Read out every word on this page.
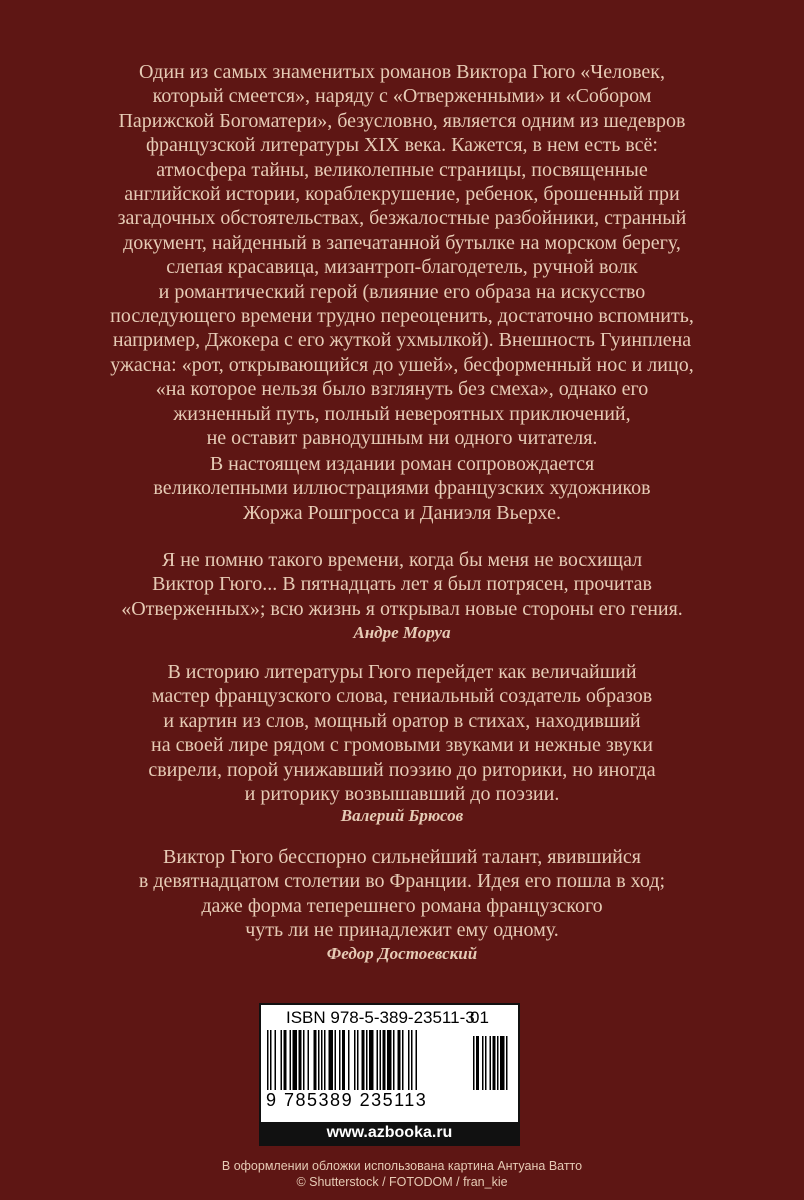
Один из самых знаменитых романов Виктора Гюго «Человек,
который смеется», наряду с «Отверженными» и «Собором
Парижской Богоматери», безусловно, является одним из шедевров
французской литературы XIX века. Кажется, в нем есть всё:
атмосфера тайны, великолепные страницы, посвященные
английской истории, кораблекрушение, ребенок, брошенный при
загадочных обстоятельствах, безжалостные разбойники, странный
документ, найденный в запечатанной бутылке на морском берегу,
слепая красавица, мизантроп-благодетель, ручной волк
и романтический герой (влияние его образа на искусство
последующего времени трудно переоценить, достаточно вспомнить,
например, Джокера с его жуткой ухмылкой). Внешность Гуинплена
ужасна: «рот, открывающийся до ушей», бесформенный нос и лицо,
«на которое нельзя было взглянуть без смеха», однако его
жизненный путь, полный невероятных приключений,
не оставит равнодушным ни одного читателя.
В настоящем издании роман сопровождается
великолепными иллюстрациями французских художников
Жоржа Рошгросса и Даниэля Вьерхе.
Я не помню такого времени, когда бы меня не восхищал
Виктор Гюго... В пятнадцать лет я был потрясен, прочитав
«Отверженных»; всю жизнь я открывал новые стороны его гения.
Андре Моруа
В историю литературы Гюго перейдет как величайший
мастер французского слова, гениальный создатель образов
и картин из слов, мощный оратор в стихах, находивший
на своей лире рядом с громовыми звуками и нежные звуки
свирели, порой унижавший поэзию до риторики, но иногда
и риторику возвышавший до поэзии.
Валерий Брюсов
Виктор Гюго бесспорно сильнейший талант, явившийся
в девятнадцатом столетии во Франции. Идея его пошла в ход;
даже форма теперешнего романа французского
чуть ли не принадлежит ему одному.
Федор Достоевский
ISBN 978-5-389-23511-3
01
9 785389 235113
www.azbooka.ru
В оформлении обложки использована картина Антуана Ватто
© Shutterstock / FOTODOM / fran_kie
